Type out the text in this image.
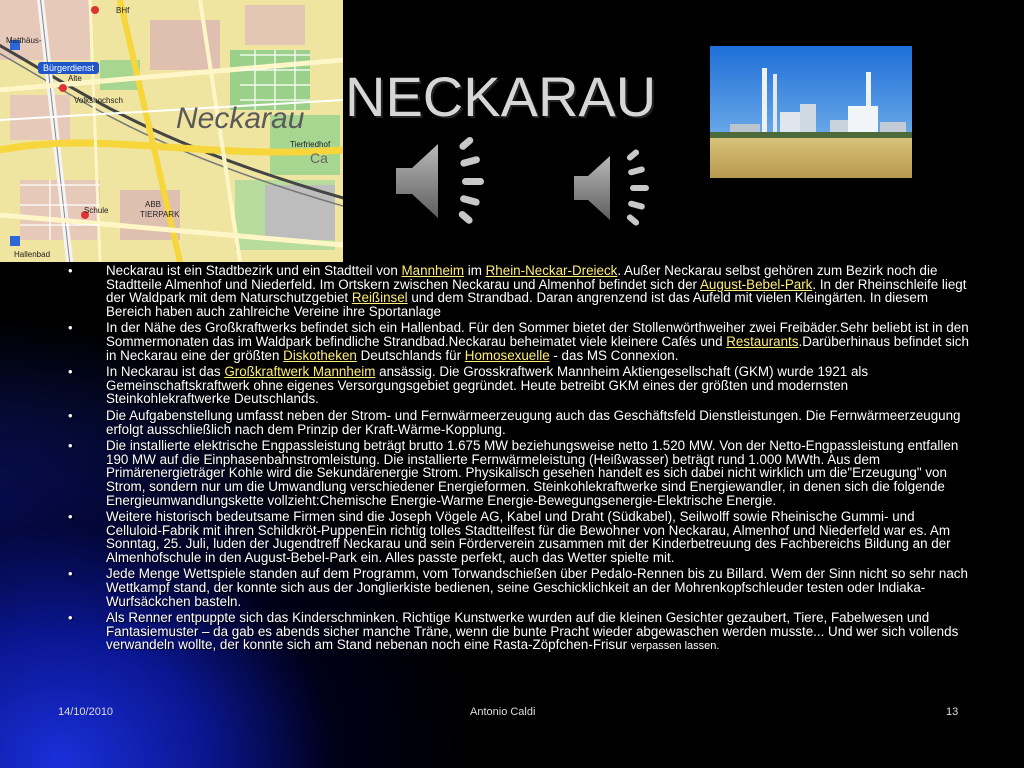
Neckarau
Bürgerdienst
Matthäus-
Alte
Volkshochsch
Tierfriedhof
Ca
Hallenbad
Schule
ABB
TIERPARK
BHf
NECKARAU
• Neckarau ist ein Stadtbezirk und ein Stadtteil von Mannheim im Rhein-Neckar-Dreieck. Außer Neckarau selbst gehören zum Bezirk noch die Stadtteile Almenhof und Niederfeld. Im Ortskern zwischen Neckarau und Almenhof befindet sich der August-Bebel-Park. In der Rheinschleife liegt der Waldpark mit dem Naturschutzgebiet Reißinsel und dem Strandbad. Daran angrenzend ist das Aufeld mit vielen Kleingärten. In diesem Bereich haben auch zahlreiche Vereine ihre Sportanlage
• In der Nähe des Großkraftwerks befindet sich ein Hallenbad. Für den Sommer bietet der Stollenwörthweiher zwei Freibäder.Sehr beliebt ist in den Sommermonaten das im Waldpark befindliche Strandbad.Neckarau beheimatet viele kleinere Cafés und Restaurants.Darüberhinaus befindet sich in Neckarau eine der größten Diskotheken Deutschlands für Homosexuelle - das MS Connexion.
• In Neckarau ist das Großkraftwerk Mannheim ansässig. Die Grosskraftwerk Mannheim Aktiengesellschaft (GKM) wurde 1921 als Gemeinschaftskraftwerk ohne eigenes Versorgungsgebiet gegründet. Heute betreibt GKM eines der größten und modernsten Steinkohlekraftwerke Deutschlands.
• Die Aufgabenstellung umfasst neben der Strom- und Fernwärmeerzeugung auch das Geschäftsfeld Dienstleistungen. Die Fernwärmeerzeugung erfolgt ausschließlich nach dem Prinzip der Kraft-Wärme-Kopplung.
• Die installierte elektrische Engpassleistung beträgt brutto 1.675 MW beziehungsweise netto 1.520 MW. Von der Netto-Engpassleistung entfallen 190 MW auf die Einphasenbahnstromleistung. Die installierte Fernwärmeleistung (Heißwasser) beträgt rund 1.000 MWth. Aus dem Primärenergieträger Kohle wird die Sekundärenergie Strom. Physikalisch gesehen handelt es sich dabei nicht wirklich um die"Erzeugung" von Strom, sondern nur um die Umwandlung verschiedener Energieformen. Steinkohlekraftwerke sind Energiewandler, in denen sich die folgende Energieumwandlungskette vollzieht:Chemische Energie-Warme Energie-Bewegungsenergie-Elektrische Energie.
• Weitere historisch bedeutsame Firmen sind die Joseph Vögele AG, Kabel und Draht (Südkabel), Seilwolff sowie Rheinische Gummi- und Celluloid-Fabrik mit ihren Schildkröt-PuppenEin richtig tolles Stadtteilfest für die Bewohner von Neckarau, Almenhof und Niederfeld war es. Am Sonntag, 25. Juli, luden der Jugendtreff Neckarau und sein Förderverein zusammen mit der Kinderbetreuung des Fachbereichs Bildung an der Almenhofschule in den August-Bebel-Park ein. Alles passte perfekt, auch das Wetter spielte mit.
• Jede Menge Wettspiele standen auf dem Programm, vom Torwandschießen über Pedalo-Rennen bis zu Billard. Wem der Sinn nicht so sehr nach Wettkampf stand, der konnte sich aus der Jonglierkiste bedienen, seine Geschicklichkeit an der Mohrenkopfschleuder testen oder Indiaka-Wurfsäckchen basteln.
• Als Renner entpuppte sich das Kinderschminken. Richtige Kunstwerke wurden auf die kleinen Gesichter gezaubert, Tiere, Fabelwesen und Fantasiemuster – da gab es abends sicher manche Träne, wenn die bunte Pracht wieder abgewaschen werden musste... Und wer sich vollends verwandeln wollte, der konnte sich am Stand nebenan noch eine Rasta-Zöpfchen-Frisur verpassen lassen.
14/10/2010	Antonio Caldi	13
